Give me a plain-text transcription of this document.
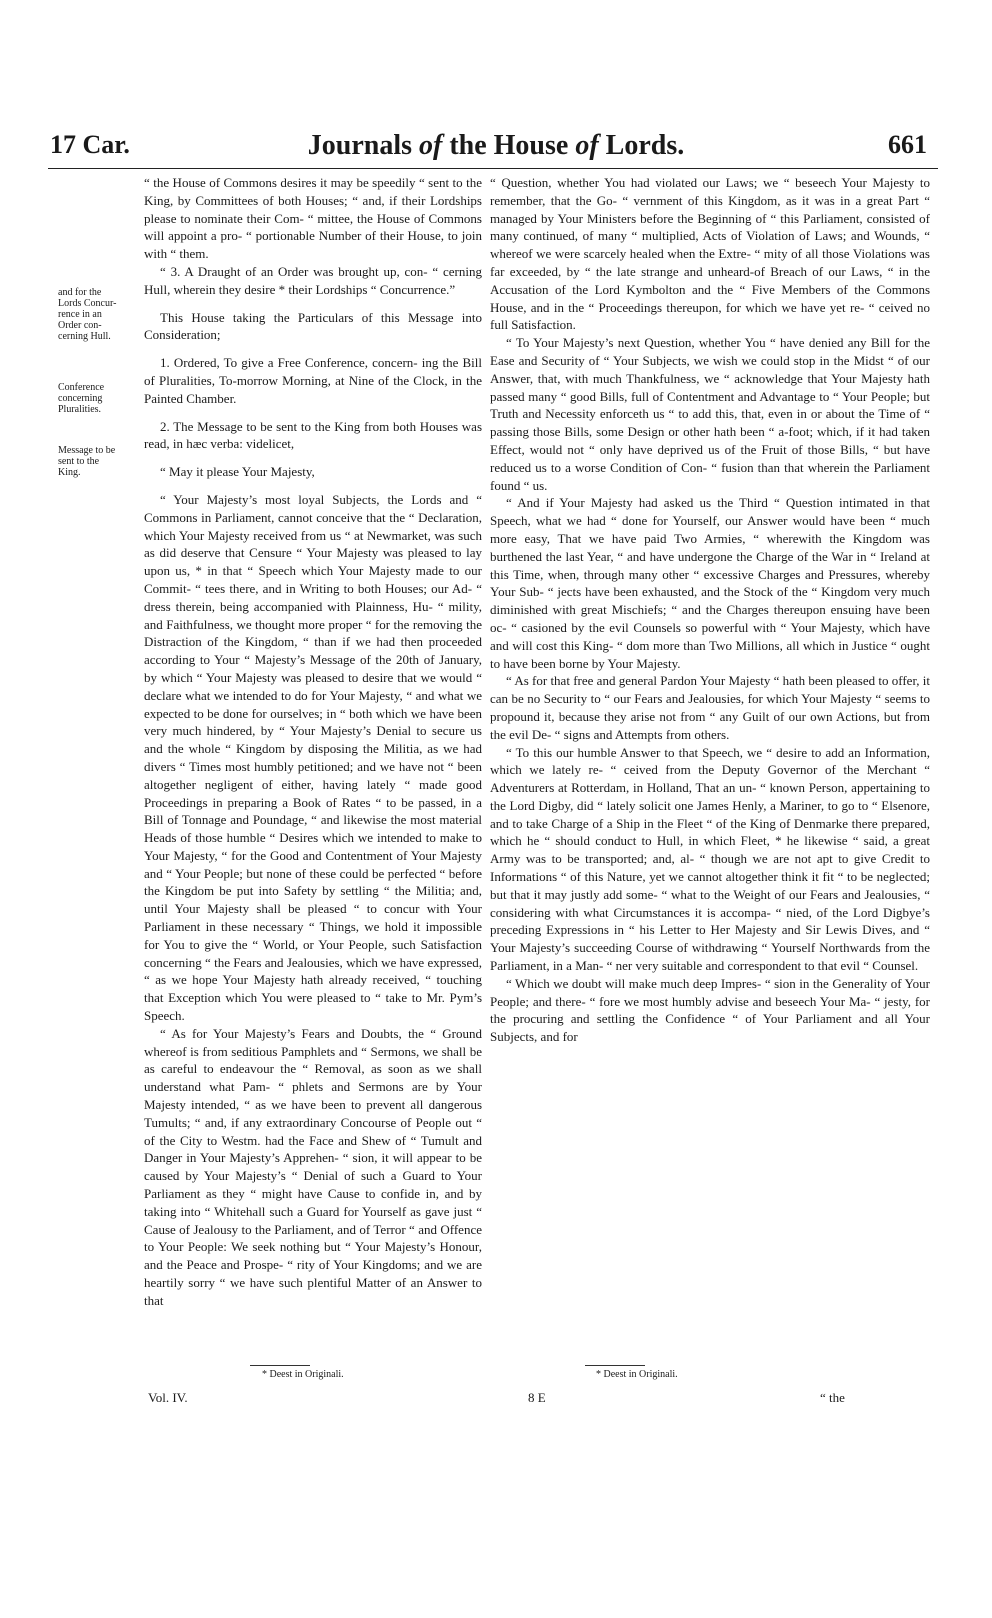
17 Car.	Journals of the House of Lords.	661
and for the
Lords Concur-
rence in an
Order con-
cerning Hull.
Conference
concerning
Pluralities.
Message to be
sent to the
King.

“ the House of Commons desires it may be speedily “ sent to the King, by Committees of both Houses; “ and, if their Lordships please to nominate their Com- “ mittee, the House of Commons will appoint a pro- “ portionable Number of their House, to join with “ them.

“ 3. A Draught of an Order was brought up, con- “ cerning Hull, wherein they desire * their Lordships “ Concurrence.”

This House taking the Particulars of this Message into Consideration;

1. Ordered, To give a Free Conference, concern- ing the Bill of Pluralities, To-morrow Morning, at Nine of the Clock, in the Painted Chamber.

2. The Message to be sent to the King from both Houses was read, in hæc verba: videlicet,

“ May it please Your Majesty,

“ Your Majesty’s most loyal Subjects, the Lords and “ Commons in Parliament, cannot conceive that the “ Declaration, which Your Majesty received from us “ at Newmarket, was such as did deserve that Censure “ Your Majesty was pleased to lay upon us, * in that “ Speech which Your Majesty made to our Commit- “ tees there, and in Writing to both Houses; our Ad- “ dress therein, being accompanied with Plainness, Hu- “ mility, and Faithfulness, we thought more proper “ for the removing the Distraction of the Kingdom, “ than if we had then proceeded according to Your “ Majesty’s Message of the 20th of January, by which “ Your Majesty was pleased to desire that we would “ declare what we intended to do for Your Majesty, “ and what we expected to be done for ourselves; in “ both which we have been very much hindered, by “ Your Majesty’s Denial to secure us and the whole “ Kingdom by disposing the Militia, as we had divers “ Times most humbly petitioned; and we have not “ been altogether negligent of either, having lately “ made good Proceedings in preparing a Book of Rates “ to be passed, in a Bill of Tonnage and Poundage, “ and likewise the most material Heads of those humble “ Desires which we intended to make to Your Majesty, “ for the Good and Contentment of Your Majesty and “ Your People; but none of these could be perfected “ before the Kingdom be put into Safety by settling “ the Militia; and, until Your Majesty shall be pleased “ to concur with Your Parliament in these necessary “ Things, we hold it impossible for You to give the “ World, or Your People, such Satisfaction concerning “ the Fears and Jealousies, which we have expressed, “ as we hope Your Majesty hath already received, “ touching that Exception which You were pleased to “ take to Mr. Pym’s Speech.

“ As for Your Majesty’s Fears and Doubts, the “ Ground whereof is from seditious Pamphlets and “ Sermons, we shall be as careful to endeavour the “ Removal, as soon as we shall understand what Pam- “ phlets and Sermons are by Your Majesty intended, “ as we have been to prevent all dangerous Tumults; “ and, if any extraordinary Concourse of People out “ of the City to Westm. had the Face and Shew of “ Tumult and Danger in Your Majesty’s Apprehen- “ sion, it will appear to be caused by Your Majesty’s “ Denial of such a Guard to Your Parliament as they “ might have Cause to confide in, and by taking into “ Whitehall such a Guard for Yourself as gave just “ Cause of Jealousy to the Parliament, and of Terror “ and Offence to Your People: We seek nothing but “ Your Majesty’s Honour, and the Peace and Prospe- “ rity of Your Kingdoms; and we are heartily sorry “ we have such plentiful Matter of an Answer to that

“ Question, whether You had violated our Laws; we “ beseech Your Majesty to remember, that the Go- “ vernment of this Kingdom, as it was in a great Part “ managed by Your Ministers before the Beginning of “ this Parliament, consisted of many continued, of many “ multiplied, Acts of Violation of Laws; and Wounds, “ whereof we were scarcely healed when the Extre- “ mity of all those Violations was far exceeded, by “ the late strange and unheard-of Breach of our Laws, “ in the Accusation of the Lord Kymbolton and the “ Five Members of the Commons House, and in the “ Proceedings thereupon, for which we have yet re- “ ceived no full Satisfaction.

“ To Your Majesty’s next Question, whether You “ have denied any Bill for the Ease and Security of “ Your Subjects, we wish we could stop in the Midst “ of our Answer, that, with much Thankfulness, we “ acknowledge that Your Majesty hath passed many “ good Bills, full of Contentment and Advantage to “ Your People; but Truth and Necessity enforceth us “ to add this, that, even in or about the Time of “ passing those Bills, some Design or other hath been “ a-foot; which, if it had taken Effect, would not “ only have deprived us of the Fruit of those Bills, “ but have reduced us to a worse Condition of Con- “ fusion than that wherein the Parliament found “ us.

“ And if Your Majesty had asked us the Third “ Question intimated in that Speech, what we had “ done for Yourself, our Answer would have been “ much more easy, That we have paid Two Armies, “ wherewith the Kingdom was burthened the last Year, “ and have undergone the Charge of the War in “ Ireland at this Time, when, through many other “ excessive Charges and Pressures, whereby Your Sub- “ jects have been exhausted, and the Stock of the “ Kingdom very much diminished with great Mischiefs; “ and the Charges thereupon ensuing have been oc- “ casioned by the evil Counsels so powerful with “ Your Majesty, which have and will cost this King- “ dom more than Two Millions, all which in Justice “ ought to have been borne by Your Majesty.

“ As for that free and general Pardon Your Majesty “ hath been pleased to offer, it can be no Security to “ our Fears and Jealousies, for which Your Majesty “ seems to propound it, because they arise not from “ any Guilt of our own Actions, but from the evil De- “ signs and Attempts from others.

“ To this our humble Answer to that Speech, we “ desire to add an Information, which we lately re- “ ceived from the Deputy Governor of the Merchant “ Adventurers at Rotterdam, in Holland, That an un- “ known Person, appertaining to the Lord Digby, did “ lately solicit one James Henly, a Mariner, to go to “ Elsenore, and to take Charge of a Ship in the Fleet “ of the King of Denmarke there prepared, which he “ should conduct to Hull, in which Fleet, * he likewise “ said, a great Army was to be transported; and, al- “ though we are not apt to give Credit to Informations “ of this Nature, yet we cannot altogether think it fit “ to be neglected; but that it may justly add some- “ what to the Weight of our Fears and Jealousies, “ considering with what Circumstances it is accompa- “ nied, of the Lord Digbye’s preceding Expressions in “ his Letter to Her Majesty and Sir Lewis Dives, and “ Your Majesty’s succeeding Course of withdrawing “ Yourself Northwards from the Parliament, in a Man- “ ner very suitable and correspondent to that evil “ Counsel.

“ Which we doubt will make much deep Impres- “ sion in the Generality of Your People; and there- “ fore we most humbly advise and beseech Your Ma- “ jesty, for the procuring and settling the Confidence “ of Your Parliament and all Your Subjects, and for

* Deest in Originali.	* Deest in Originali.
Vol. IV.	8 E	“ the
